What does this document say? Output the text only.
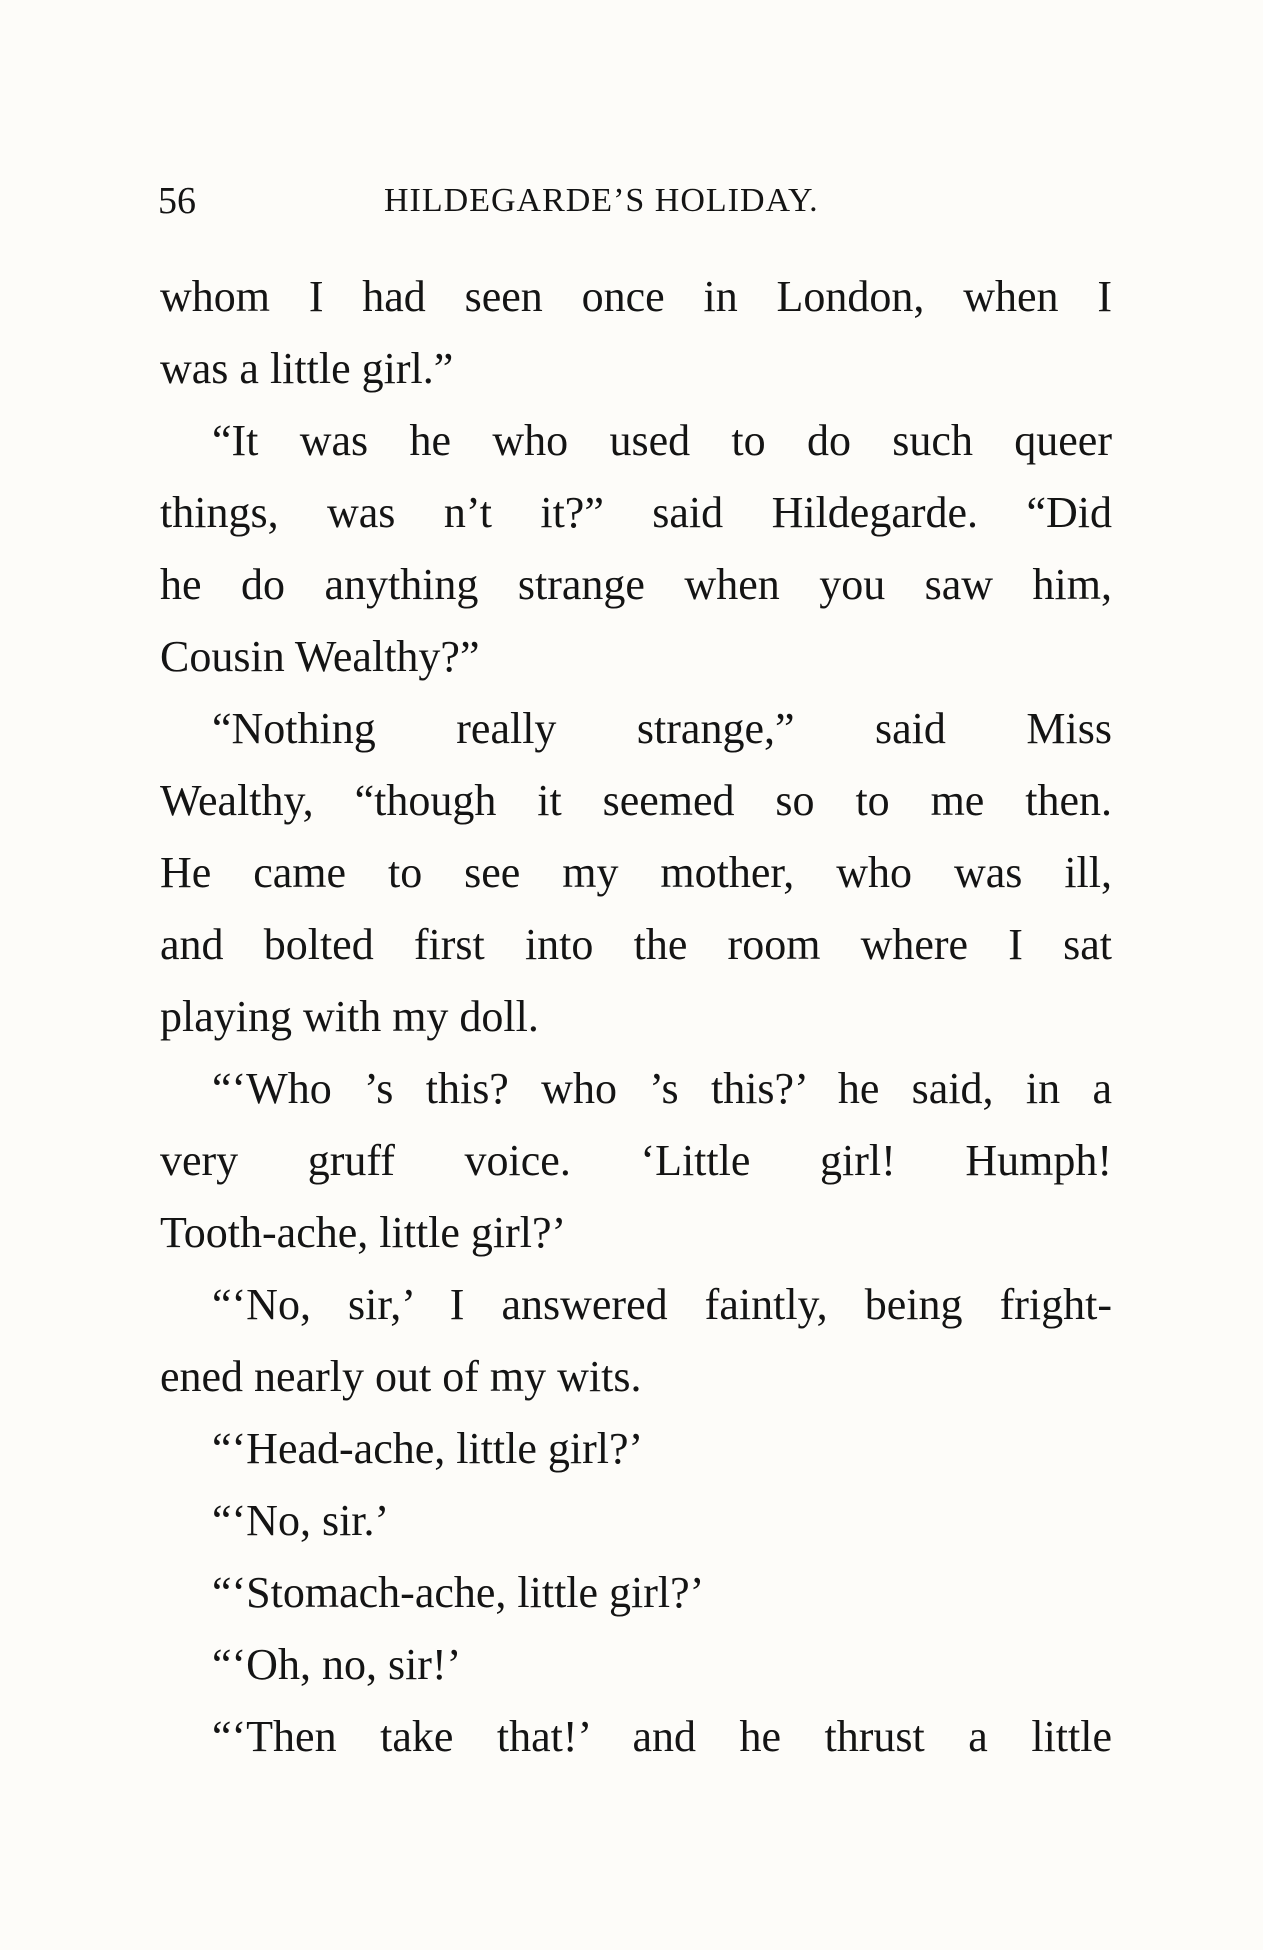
56	HILDEGARDE’S HOLIDAY.
whom I had seen once in London, when I
was a little girl.”
“It was he who used to do such queer
things, was n’t it?” said Hildegarde. “Did
he do anything strange when you saw him,
Cousin Wealthy?”
“Nothing really strange,” said Miss
Wealthy, “though it seemed so to me then.
He came to see my mother, who was ill,
and bolted first into the room where I sat
playing with my doll.
“‘Who ’s this? who ’s this?’ he said, in a
very gruff voice. ‘Little girl! Humph!
Tooth-ache, little girl?’
“‘No, sir,’ I answered faintly, being fright-
ened nearly out of my wits.
“‘Head-ache, little girl?’
“‘No, sir.’
“‘Stomach-ache, little girl?’
“‘Oh, no, sir!’
“‘Then take that!’ and he thrust a little
